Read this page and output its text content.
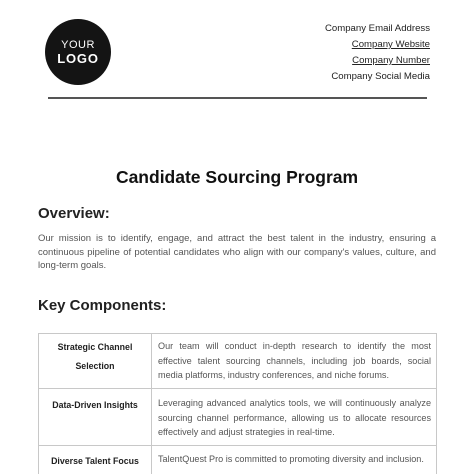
YOUR
LOGO
Company Email Address
Company Website
Company Number
Company Social Media
Candidate Sourcing Program
Overview:

Our mission is to identify, engage, and attract the best talent in the industry, ensuring a continuous pipeline of potential candidates who align with our company's values, culture, and long-term goals.

Key Components:
Strategic Channel Selection	Our team will conduct in-depth research to identify the most effective talent sourcing channels, including job boards, social media platforms, industry conferences, and niche forums.
Data-Driven Insights	Leveraging advanced analytics tools, we will continuously analyze sourcing channel performance, allowing us to allocate resources effectively and adjust strategies in real-time.
Diverse Talent Focus	TalentQuest Pro is committed to promoting diversity and inclusion.
